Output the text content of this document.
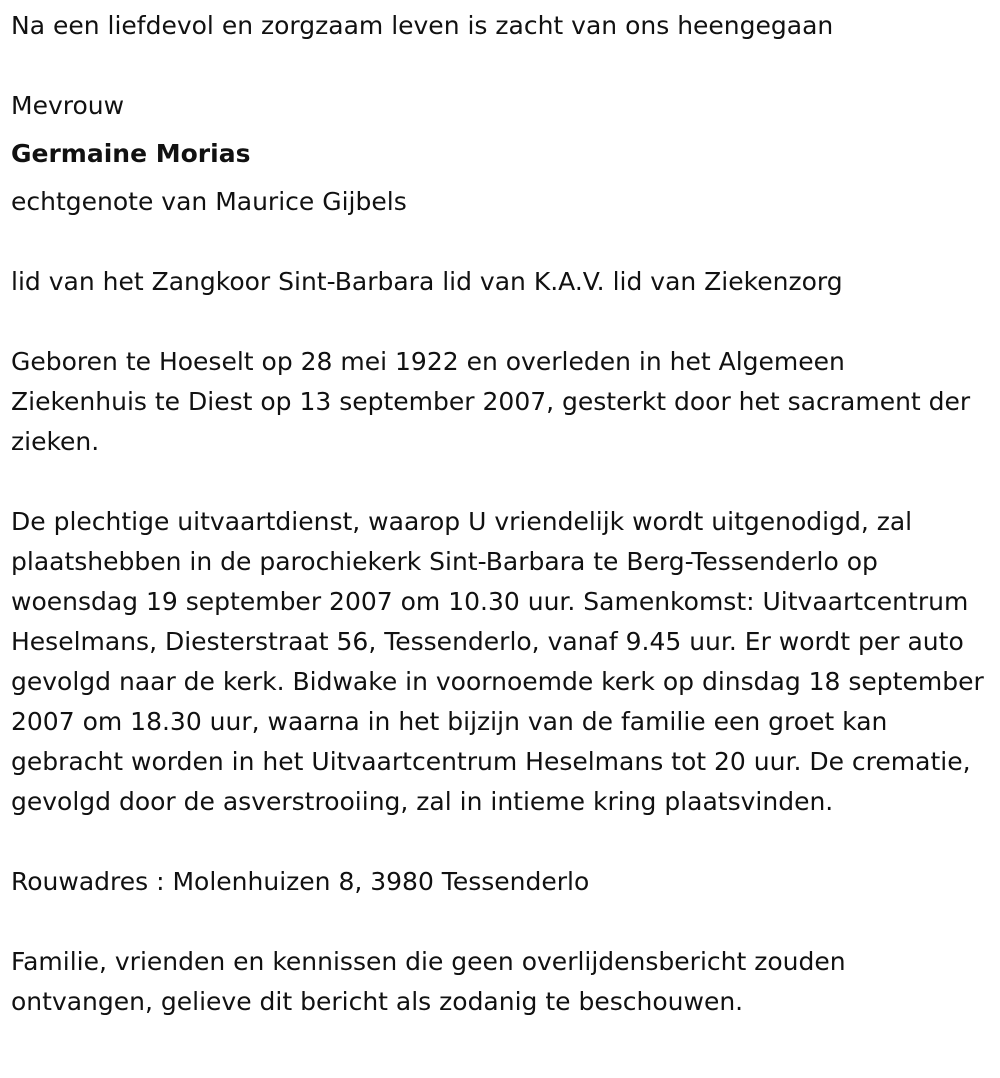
Na een liefdevol en zorgzaam leven is zacht van ons heengegaan

Mevrouw

Germaine Morias

echtgenote van Maurice Gijbels

lid van het Zangkoor Sint-Barbara lid van K.A.V. lid van Ziekenzorg

Geboren te Hoeselt op 28 mei 1922 en overleden in het Algemeen Ziekenhuis te Diest op 13 september 2007, gesterkt door het sacrament der zieken.

De plechtige uitvaartdienst, waarop U vriendelijk wordt uitgenodigd, zal plaatshebben in de parochiekerk Sint-Barbara te Berg-Tessenderlo op woensdag 19 september 2007 om 10.30 uur. Samenkomst: Uitvaartcentrum Heselmans, Diesterstraat 56, Tessenderlo, vanaf 9.45 uur. Er wordt per auto gevolgd naar de kerk. Bidwake in voornoemde kerk op dinsdag 18 september 2007 om 18.30 uur, waarna in het bijzijn van de familie een groet kan gebracht worden in het Uitvaartcentrum Heselmans tot 20 uur. De crematie, gevolgd door de asverstrooiing, zal in intieme kring plaatsvinden.

Rouwadres : Molenhuizen 8, 3980 Tessenderlo

Familie, vrienden en kennissen die geen overlijdensbericht zouden ontvangen, gelieve dit bericht als zodanig te beschouwen.
